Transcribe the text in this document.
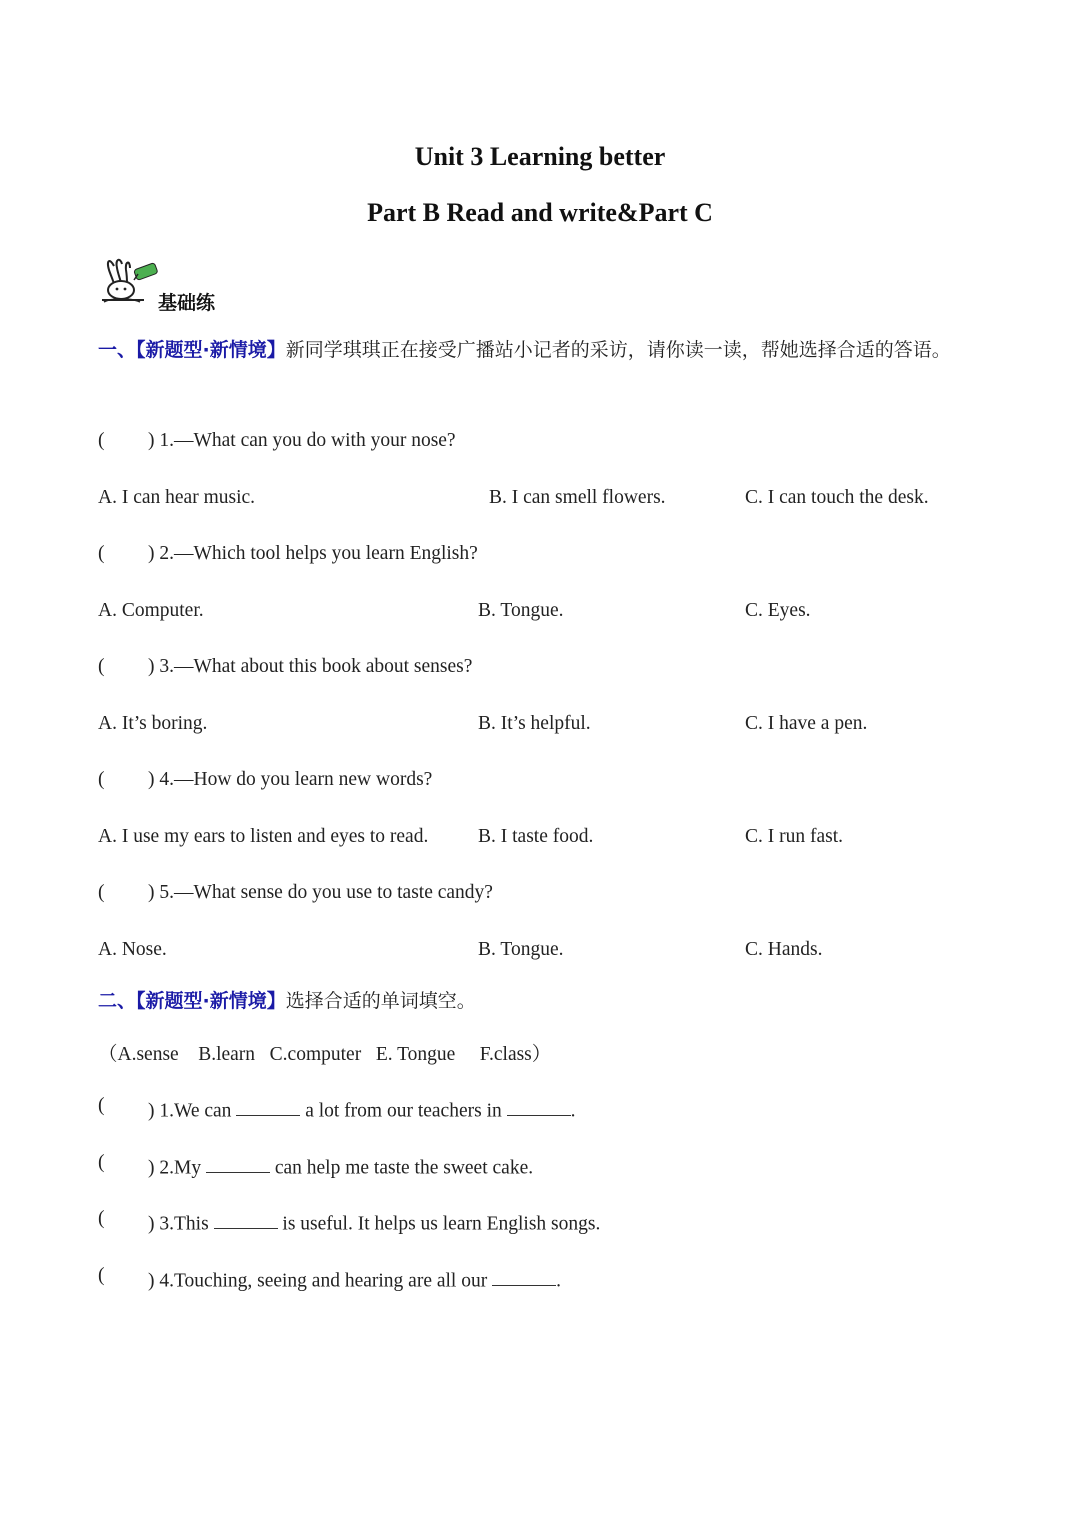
Unit 3 Learning better
Part B Read and write&Part C
基础练
一、【新题型·新情境】新同学琪琪正在接受广播站小记者的采访，请你读一读，帮她选择合适的答语。
( ) 1.—What can you do with your nose?
A. I can hear music.	B. I can smell flowers.	C. I can touch the desk.
( ) 2.—Which tool helps you learn English?
A. Computer.	B. Tongue.	C. Eyes.
( ) 3.—What about this book about senses?
A. It’s boring.	B. It’s helpful.	C. I have a pen.
( ) 4.—How do you learn new words?
A. I use my ears to listen and eyes to read.	B. I taste food.	C. I run fast.
( ) 5.—What sense do you use to taste candy?
A. Nose.	B. Tongue.	C. Hands.
二、【新题型·新情境】选择合适的单词填空。
（A.sense    B.learn   C.computer   E. Tongue     F.class）
( ) 1.We can	a lot from our teachers in	.
( ) 2.My	can help me taste the sweet cake.
( ) 3.This	is useful. It helps us learn English songs.
( ) 4.Touching, seeing and hearing are all our	.
